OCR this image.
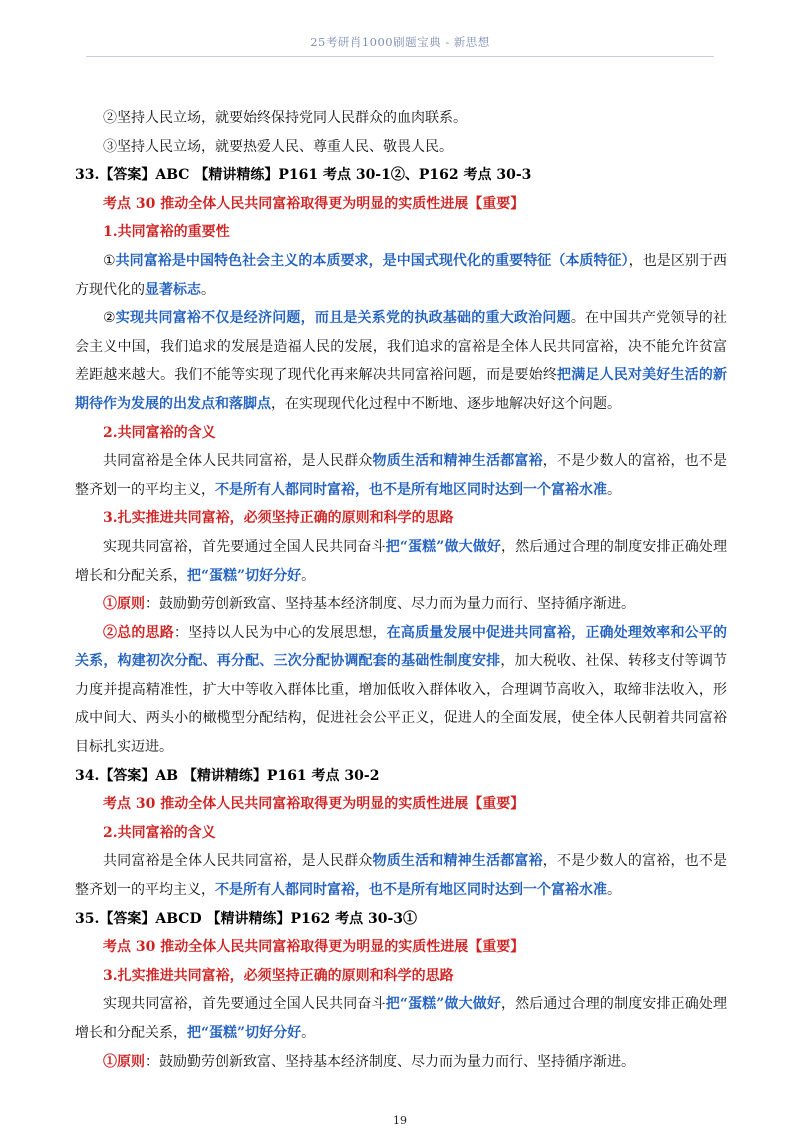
25考研肖1000刷题宝典 - 新思想

②坚持人民立场，就要始终保持党同人民群众的血肉联系。

③坚持人民立场，就要热爱人民、尊重人民、敬畏人民。

33.【答案】ABC 【精讲精练】P161 考点 30-1②、P162 考点 30-3

考点 30 推动全体人民共同富裕取得更为明显的实质性进展【重要】

1.共同富裕的重要性

①共同富裕是中国特色社会主义的本质要求，是中国式现代化的重要特征（本质特征），也是区别于西方现代化的显著标志。

②实现共同富裕不仅是经济问题，而且是关系党的执政基础的重大政治问题。在中国共产党领导的社会主义中国，我们追求的发展是造福人民的发展，我们追求的富裕是全体人民共同富裕，决不能允许贫富差距越来越大。我们不能等实现了现代化再来解决共同富裕问题，而是要始终把满足人民对美好生活的新期待作为发展的出发点和落脚点，在实现现代化过程中不断地、逐步地解决好这个问题。

2.共同富裕的含义

共同富裕是全体人民共同富裕，是人民群众物质生活和精神生活都富裕，不是少数人的富裕，也不是整齐划一的平均主义，不是所有人都同时富裕，也不是所有地区同时达到一个富裕水准。

3.扎实推进共同富裕，必须坚持正确的原则和科学的思路

实现共同富裕，首先要通过全国人民共同奋斗把“蛋糕”做大做好，然后通过合理的制度安排正确处理增长和分配关系，把“蛋糕”切好分好。

①原则：鼓励勤劳创新致富、坚持基本经济制度、尽力而为量力而行、坚持循序渐进。

②总的思路：坚持以人民为中心的发展思想，在高质量发展中促进共同富裕，正确处理效率和公平的关系，构建初次分配、再分配、三次分配协调配套的基础性制度安排，加大税收、社保、转移支付等调节力度并提高精准性，扩大中等收入群体比重，增加低收入群体收入，合理调节高收入，取缔非法收入，形成中间大、两头小的橄榄型分配结构，促进社会公平正义，促进人的全面发展，使全体人民朝着共同富裕目标扎实迈进。

34.【答案】AB 【精讲精练】P161 考点 30-2

考点 30 推动全体人民共同富裕取得更为明显的实质性进展【重要】

2.共同富裕的含义

共同富裕是全体人民共同富裕，是人民群众物质生活和精神生活都富裕，不是少数人的富裕，也不是整齐划一的平均主义，不是所有人都同时富裕，也不是所有地区同时达到一个富裕水准。

35.【答案】ABCD 【精讲精练】P162 考点 30-3①

考点 30 推动全体人民共同富裕取得更为明显的实质性进展【重要】

3.扎实推进共同富裕，必须坚持正确的原则和科学的思路

实现共同富裕，首先要通过全国人民共同奋斗把“蛋糕”做大做好，然后通过合理的制度安排正确处理增长和分配关系，把“蛋糕”切好分好。

①原则：鼓励勤劳创新致富、坚持基本经济制度、尽力而为量力而行、坚持循序渐进。

19
